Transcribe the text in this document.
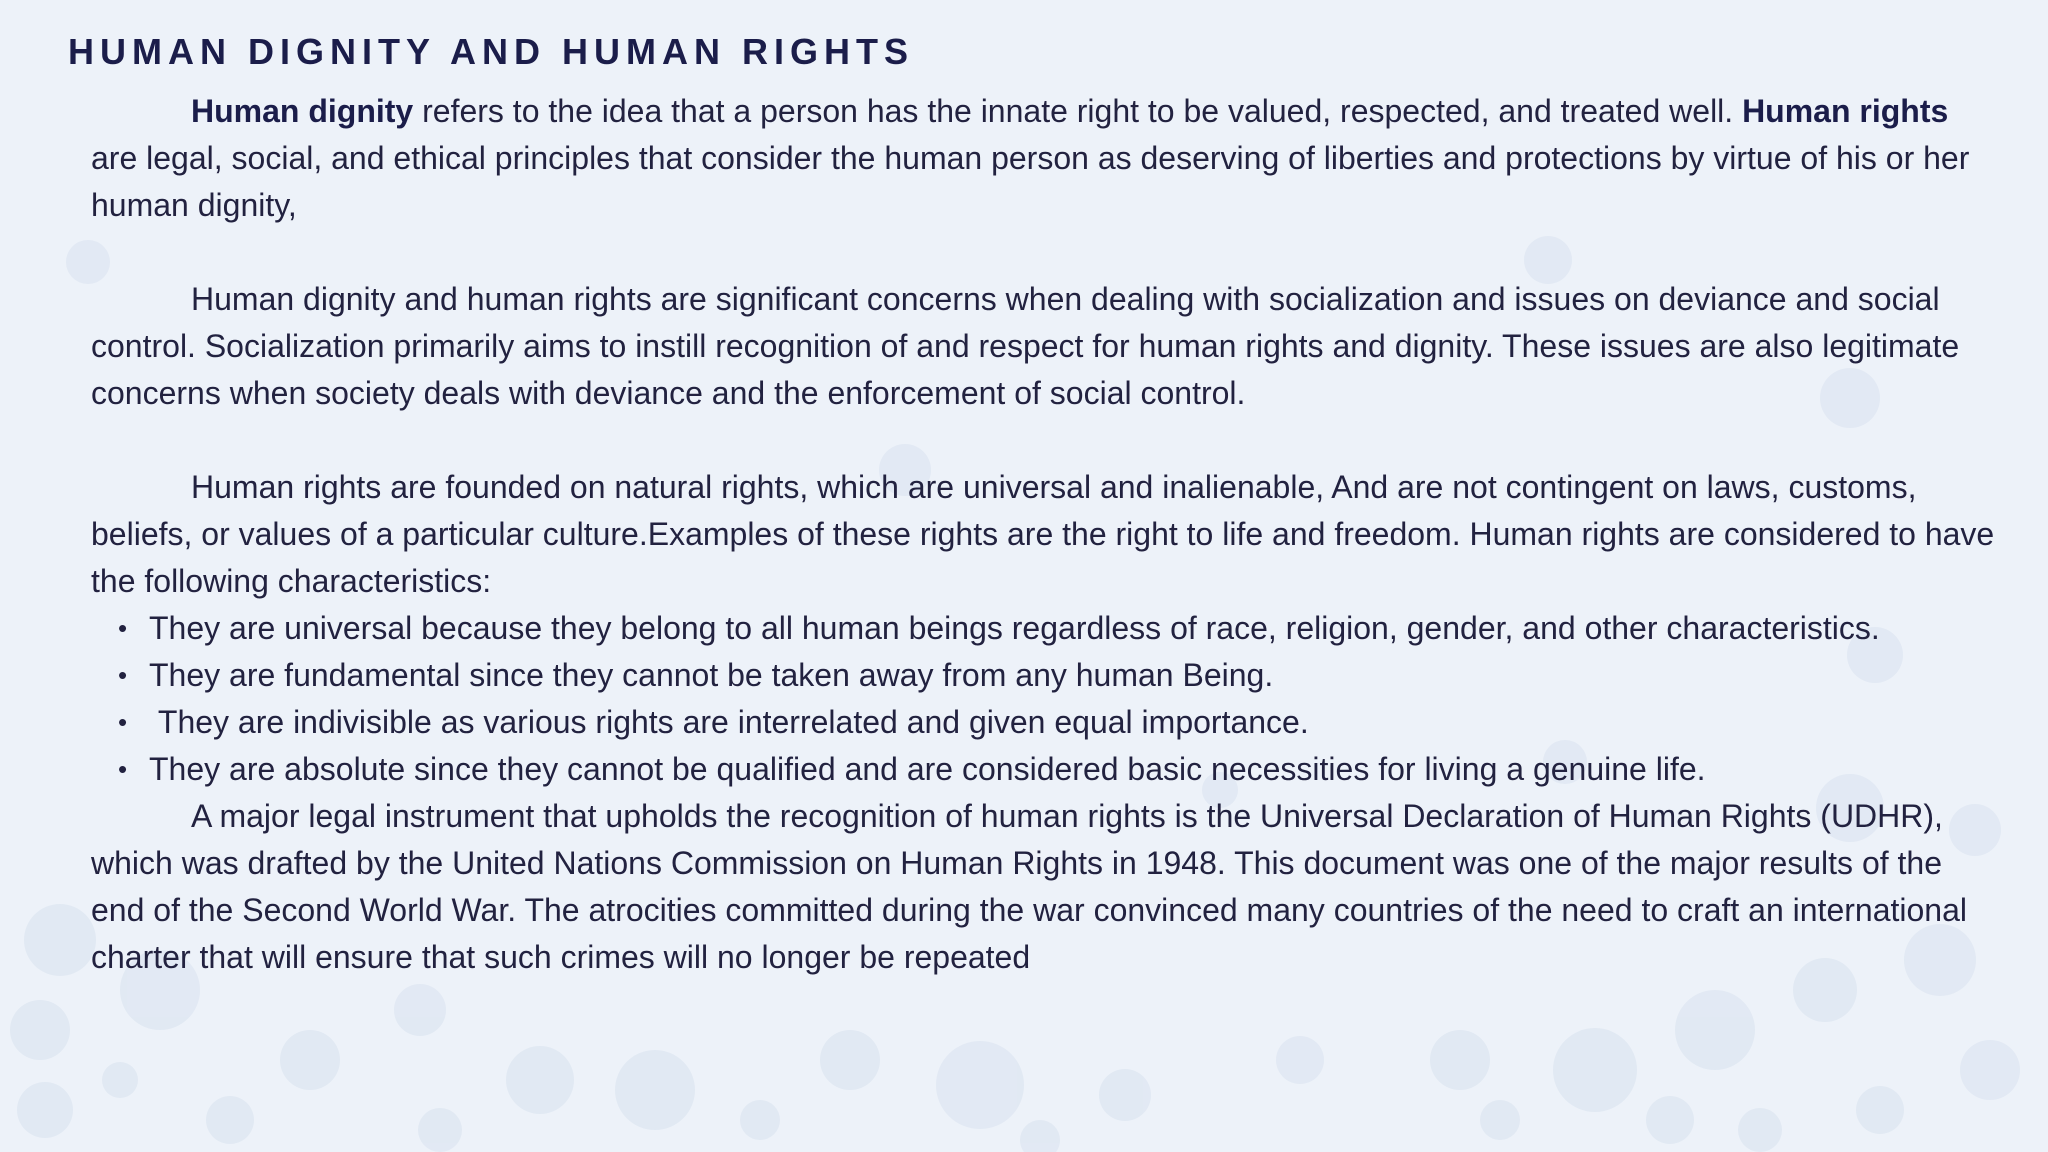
HUMAN DIGNITY AND HUMAN RIGHTS

Human dignity refers to the idea that a person has the innate right to be valued, respected, and treated well. Human rights are legal, social, and ethical principles that consider the human person as deserving of liberties and protections by virtue of his or her human dignity,

Human dignity and human rights are significant concerns when dealing with socialization and issues on deviance and social control. Socialization primarily aims to instill recognition of and respect for human rights and dignity. These issues are also legitimate concerns when society deals with deviance and the enforcement of social control.

Human rights are founded on natural rights, which are universal and inalienable, And are not contingent on laws, customs, beliefs, or values of a particular culture.Examples of these rights are the right to life and freedom. Human rights are considered to have the following characteristics:

• They are universal because they belong to all human beings regardless of race, religion, gender, and other characteristics.
• They are fundamental since they cannot be taken away from any human Being.
• They are indivisible as various rights are interrelated and given equal importance.
• They are absolute since they cannot be qualified and are considered basic necessities for living a genuine life.

A major legal instrument that upholds the recognition of human rights is the Universal Declaration of Human Rights (UDHR), which was drafted by the United Nations Commission on Human Rights in 1948. This document was one of the major results of the end of the Second World War. The atrocities committed during the war convinced many countries of the need to craft an international charter that will ensure that such crimes will no longer be repeated
